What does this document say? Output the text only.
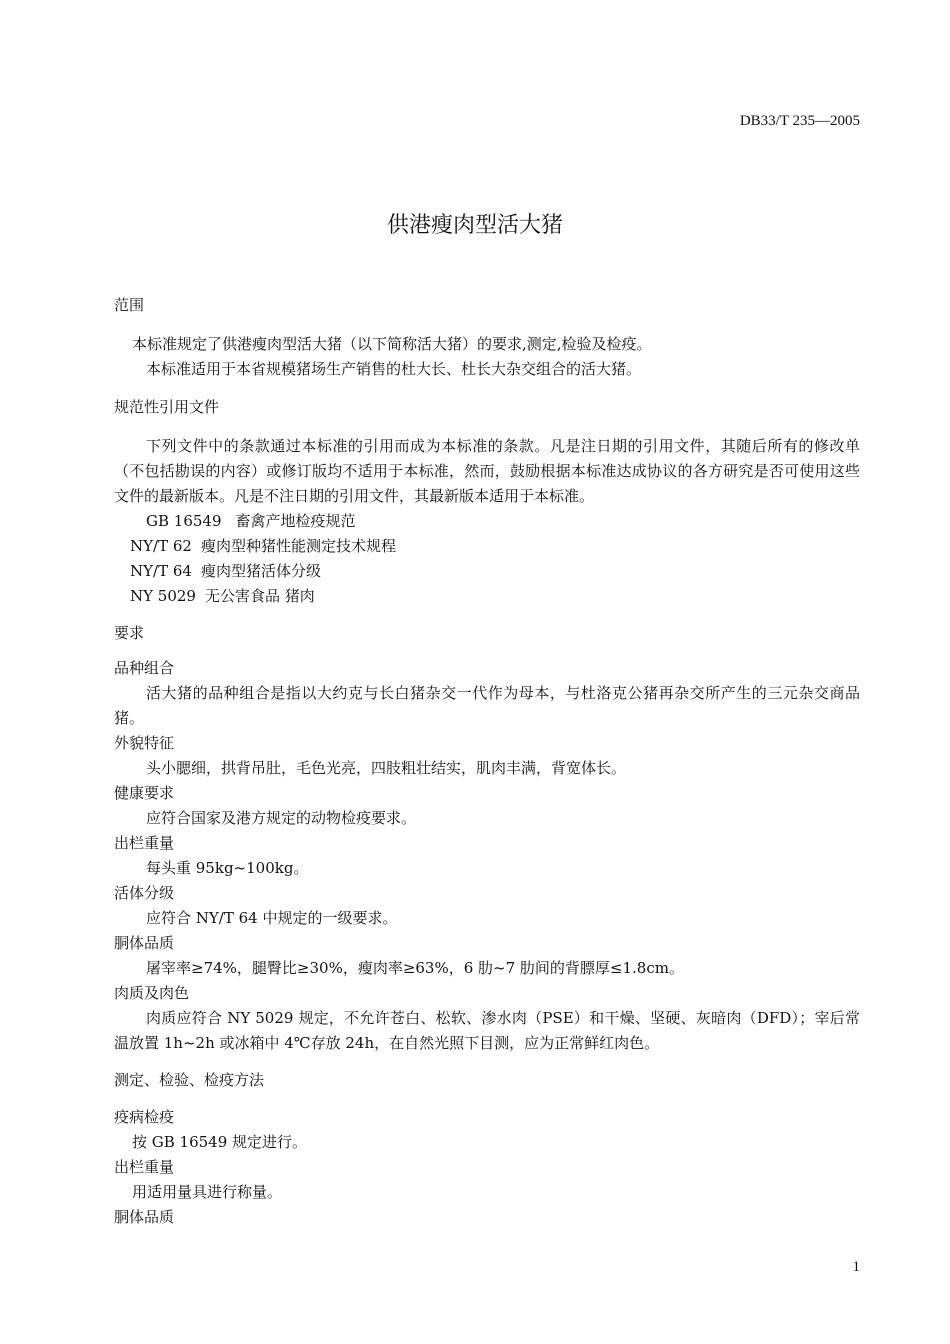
DB33/T 235—2005
供港瘦肉型活大猪
范围

本标准规定了供港瘦肉型活大猪（以下简称活大猪）的要求,测定,检验及检疫。

本标准适用于本省规模猪场生产销售的杜大长、杜长大杂交组合的活大猪。

规范性引用文件

下列文件中的条款通过本标准的引用而成为本标准的条款。凡是注日期的引用文件，其随后所有的修改单（不包括勘误的内容）或修订版均不适用于本标准，然而，鼓励根据本标准达成协议的各方研究是否可使用这些文件的最新版本。凡是不注日期的引用文件，其最新版本适用于本标准。

GB 16549 畜禽产地检疫规范

NY/T 62 瘦肉型种猪性能测定技术规程

NY/T 64 瘦肉型猪活体分级

NY 5029 无公害食品 猪肉

要求
品种组合

活大猪的品种组合是指以大约克与长白猪杂交一代作为母本，与杜洛克公猪再杂交所产生的三元杂交商品猪。

外貌特征

头小腮细，拱背吊肚，毛色光亮，四肢粗壮结实，肌肉丰满，背宽体长。

健康要求

应符合国家及港方规定的动物检疫要求。

出栏重量

每头重 95kg~100kg。

活体分级

应符合 NY/T 64 中规定的一级要求。

胴体品质

屠宰率≥74%，腿臀比≥30%，瘦肉率≥63%，6 肋~7 肋间的背膘厚≤1.8cm。

肉质及肉色

肉质应符合 NY 5029 规定，不允许苍白、松软、渗水肉（PSE）和干燥、坚硬、灰暗肉（DFD）；宰后常温放置 1h~2h 或冰箱中 4℃存放 24h，在自然光照下目测，应为正常鲜红肉色。

测定、检验、检疫方法
疫病检疫

按 GB 16549 规定进行。

出栏重量

用适用量具进行称量。

胴体品质
1
